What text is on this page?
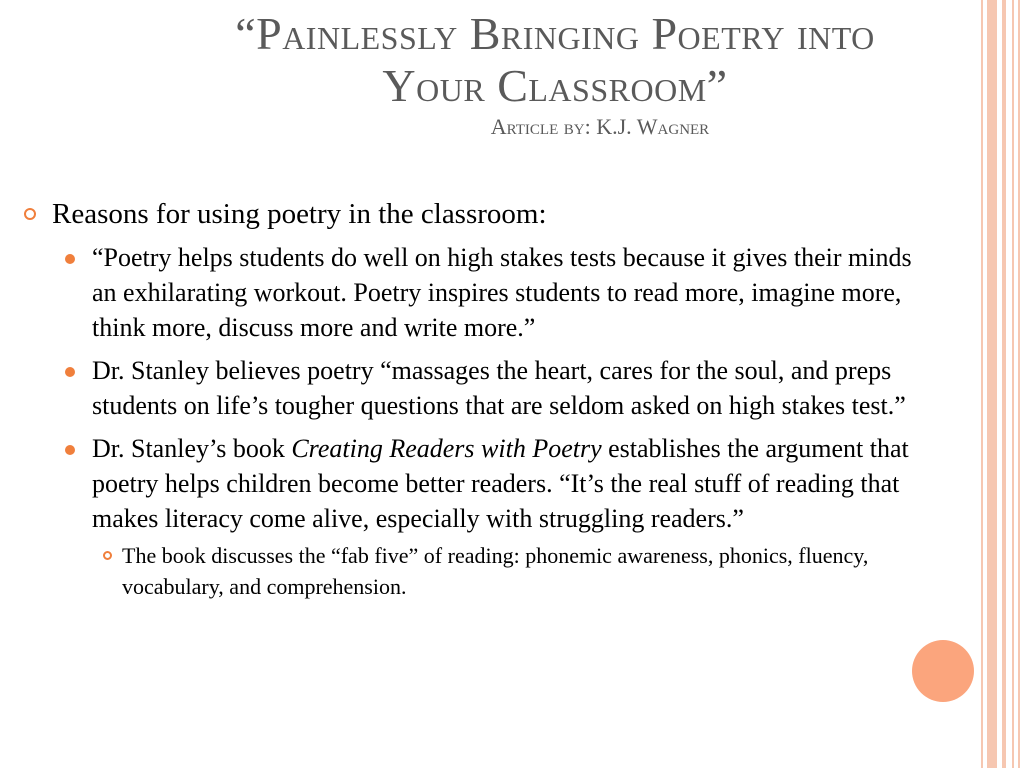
“Painlessly Bringing Poetry into
Your Classroom”
Article by: K.J. Wagner
Reasons for using poetry in the classroom:
“Poetry helps students do well on high stakes tests because it gives their minds an exhilarating workout. Poetry inspires students to read more, imagine more, think more, discuss more and write more.”
Dr. Stanley believes poetry “massages the heart, cares for the soul, and preps students on life’s tougher questions that are seldom asked on high stakes test.”
Dr. Stanley’s book Creating Readers with Poetry establishes the argument that poetry helps children become better readers. “It’s the real stuff of reading that makes literacy come alive, especially with struggling readers.”
The book discusses the “fab five” of reading: phonemic awareness, phonics, fluency, vocabulary, and comprehension.
